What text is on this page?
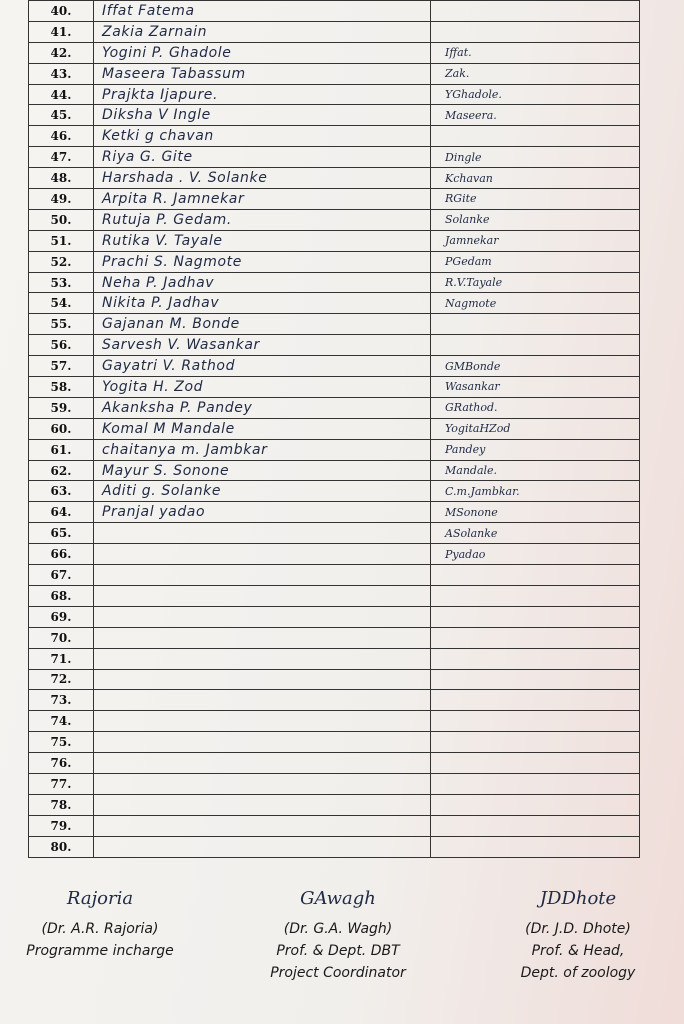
40.	Iffat Fatema	
41.	Zakia Zarnain	
42.	Yogini P. Ghadole	Iffat.
43.	Maseera Tabassum	Zak.
44.	Prajkta Ijapure.	YGhadole.
45.	Diksha V Ingle	Maseera.
46.	Ketki g chavan	
47.	Riya G. Gite	Dingle
48.	Harshada . V. Solanke	Kchavan
49.	Arpita R. Jamnekar	RGite
50.	Rutuja P. Gedam.	Solanke
51.	Rutika V. Tayale	Jamnekar
52.	Prachi S. Nagmote	PGedam
53.	Neha P. Jadhav	R.V.Tayale
54.	Nikita P. Jadhav	Nagmote
55.	Gajanan M. Bonde	
56.	Sarvesh V. Wasankar	
57.	Gayatri V. Rathod	GMBonde
58.	Yogita H. Zod	Wasankar
59.	Akanksha P. Pandey	GRathod.
60.	Komal M Mandale	YogitaHZod
61.	chaitanya m. Jambkar	Pandey
62.	Mayur S. Sonone	Mandale.
63.	Aditi g. Solanke	C.m.Jambkar.
64.	Pranjal yadao	MSonone
65.		ASolanke
66.		Pyadao
67.		
68.		
69.		
70.		
71.		
72.		
73.		
74.		
75.		
76.		
77.		
78.		
79.		
80.		
Rajoria
(Dr. A.R. Rajoria)
Programme incharge
GAwagh
(Dr. G.A. Wagh)
Prof. & Dept. DBT
Project Coordinator
JDDhote
(Dr. J.D. Dhote)
Prof. & Head,
Dept. of zoology
